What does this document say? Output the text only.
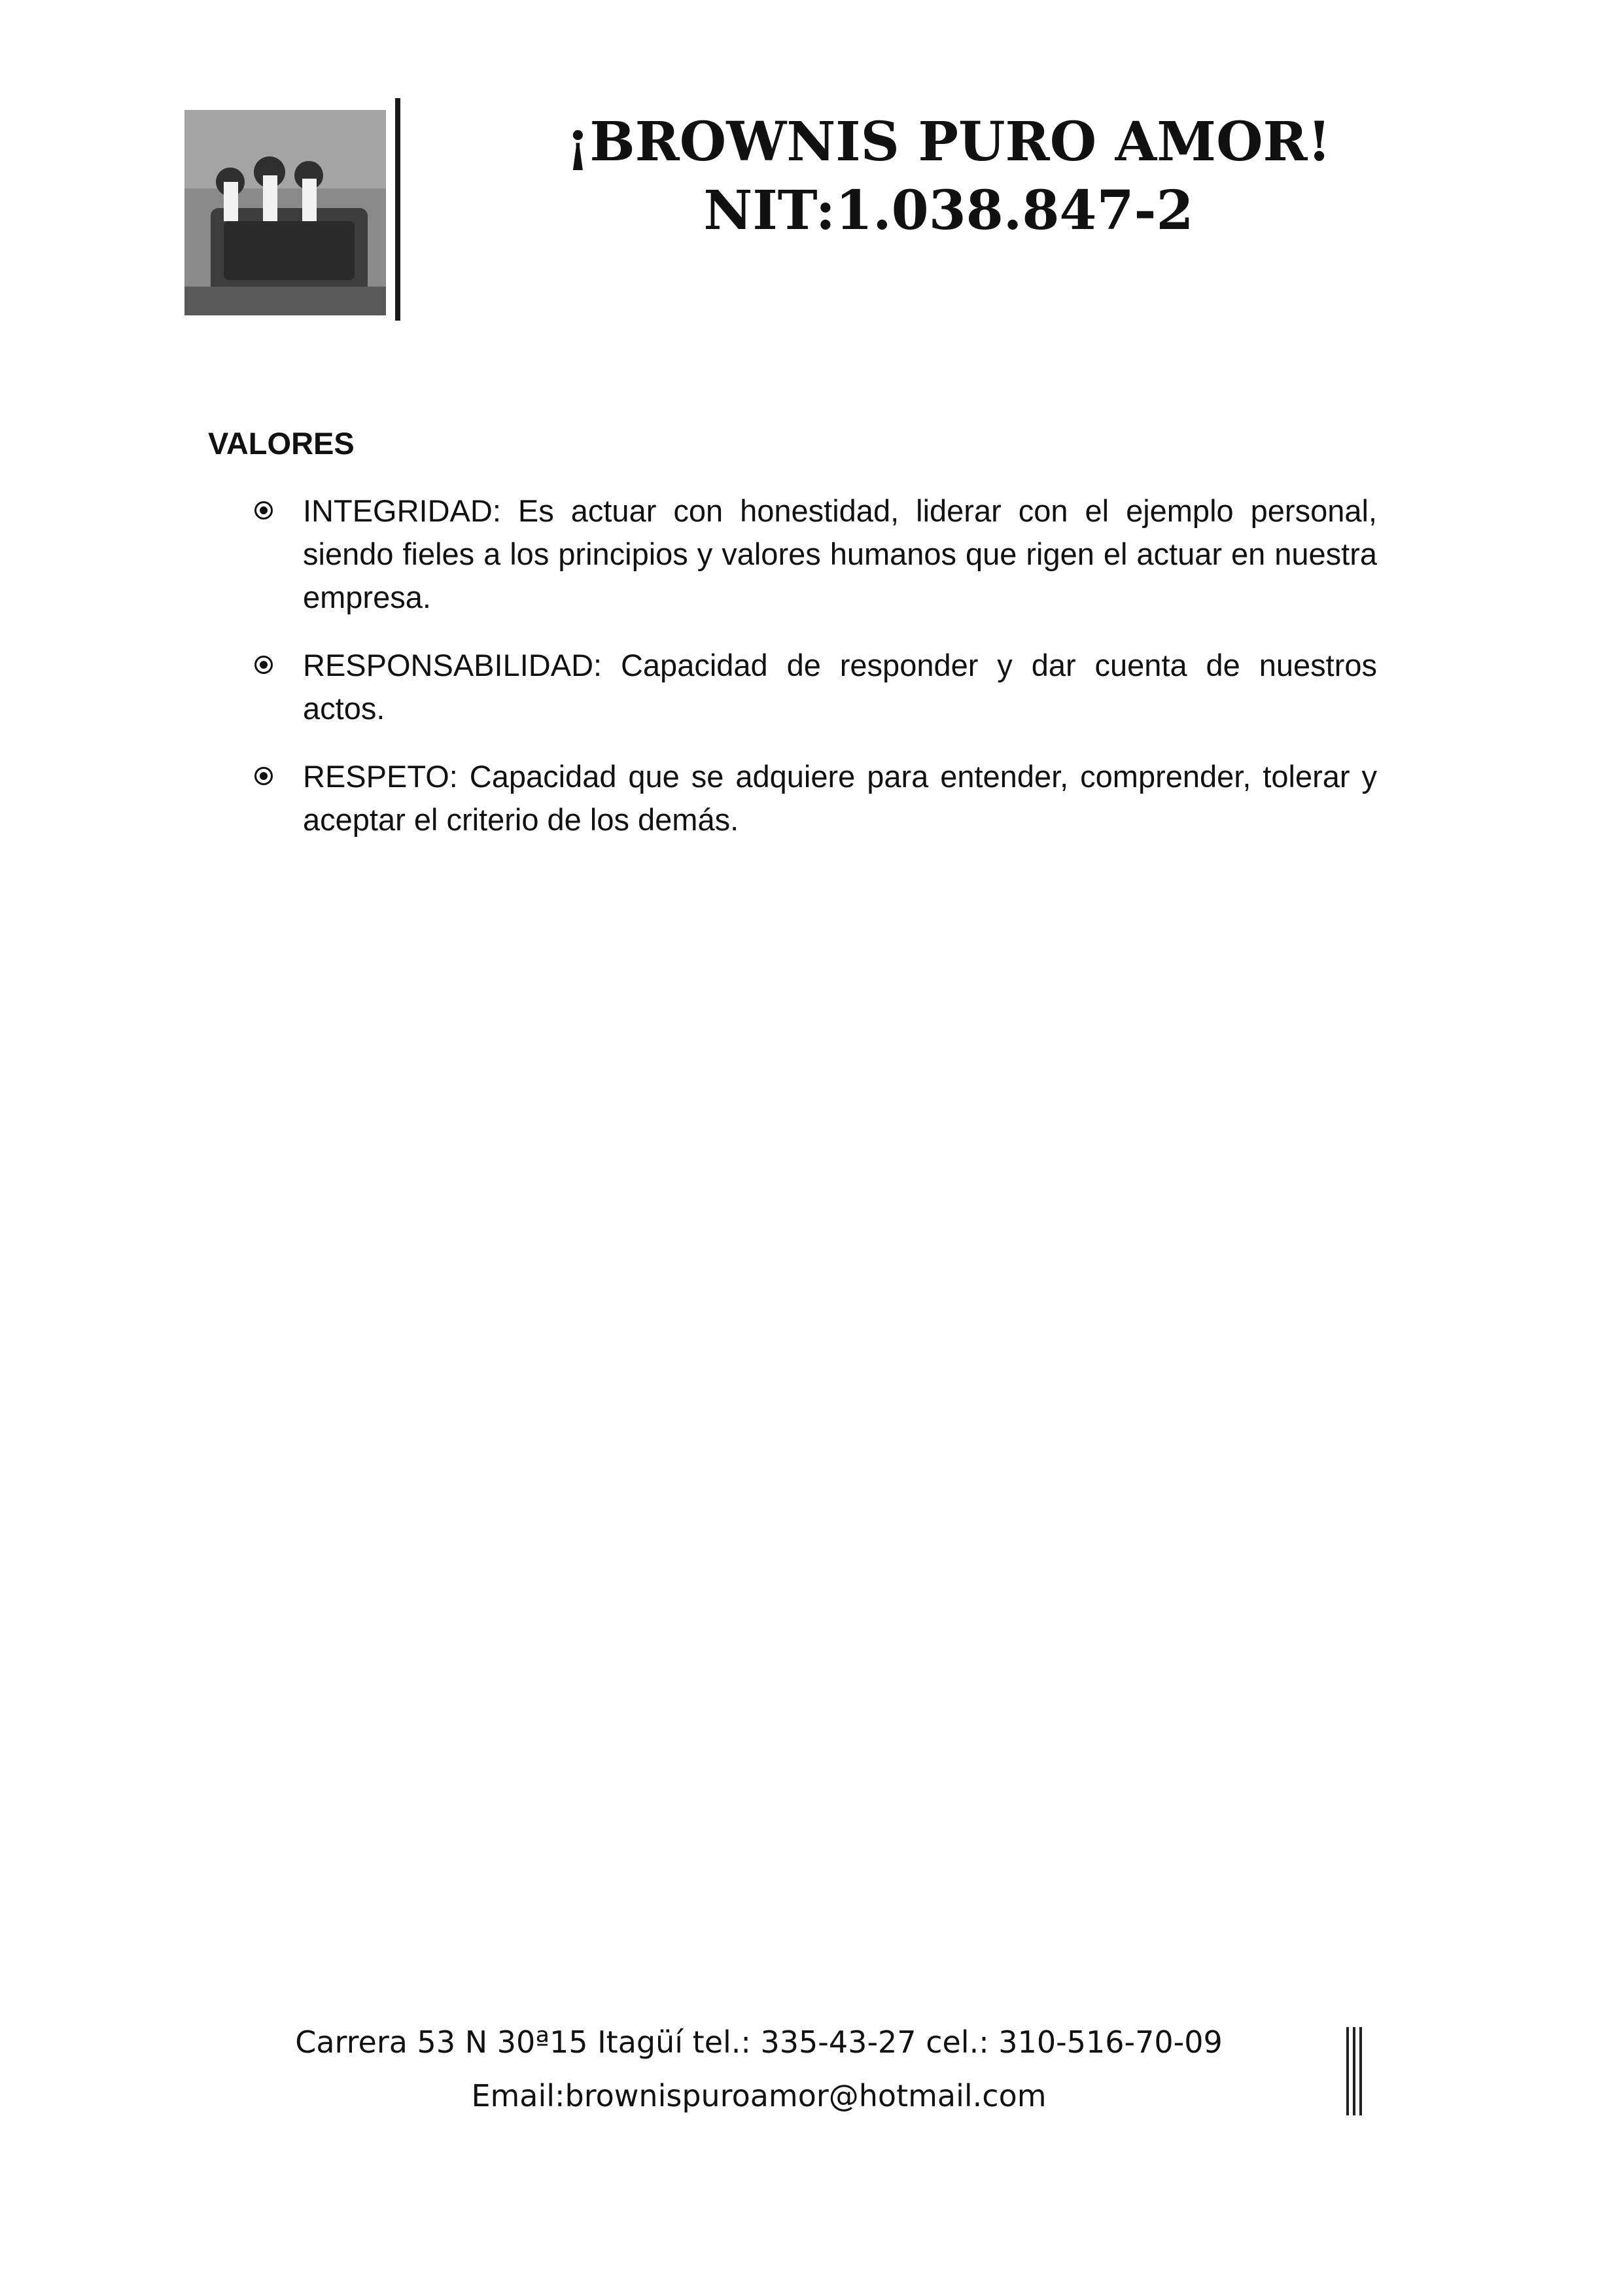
¡BROWNIS PURO AMOR!
NIT:1.038.847-2
VALORES
INTEGRIDAD: Es actuar con honestidad, liderar con el ejemplo personal, siendo fieles a los principios y valores humanos que rigen el actuar en nuestra empresa.
RESPONSABILIDAD: Capacidad de responder y dar cuenta de nuestros actos.
RESPETO: Capacidad que se adquiere para entender, comprender, tolerar y aceptar el criterio de los demás.
Carrera 53 N 30ª15 Itagüí tel.: 335-43-27 cel.: 310-516-70-09
Email:brownispuroamor@hotmail.com
